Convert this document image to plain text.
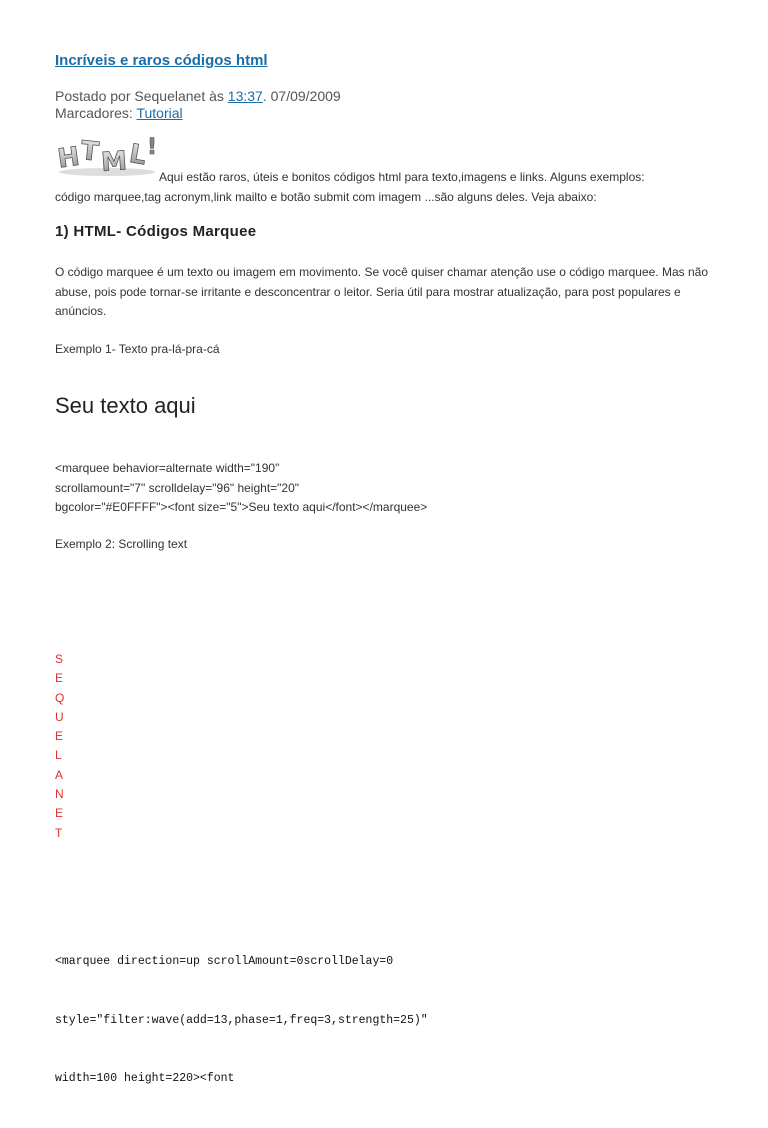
Incríveis e raros códigos html
Postado por Sequelanet às 13:37. 07/09/2009
Marcadores: Tutorial
H
T M
L
!
Aqui estão raros, úteis e bonitos códigos html para texto,imagens e links. Alguns exemplos:
código marquee,tag acronym,link mailto e botão submit com imagem ...são alguns deles. Veja abaixo:
1) HTML- Códigos Marquee
O código marquee é um texto ou imagem em movimento. Se você quiser chamar atenção use o código marquee. Mas não abuse, pois pode tornar-se irritante e desconcentrar o leitor. Seria útil para mostrar atualização, para post populares e anúncios.
Exemplo 1- Texto pra-lá-pra-cá
Seu texto aqui
<marquee behavior=alternate width="190"
scrollamount="7" scrolldelay="96" height="20"
bgcolor="#E0FFFF"><font size="5">Seu texto aqui</font></marquee>
Exemplo 2: Scrolling text
S
E
Q
U
E
L
A
N
E
T

<marquee direction=up scrollAmount=0scrollDelay=0

style="filter:wave(add=13,phase=1,freq=3,strength=25)"

width=100 height=220><font
